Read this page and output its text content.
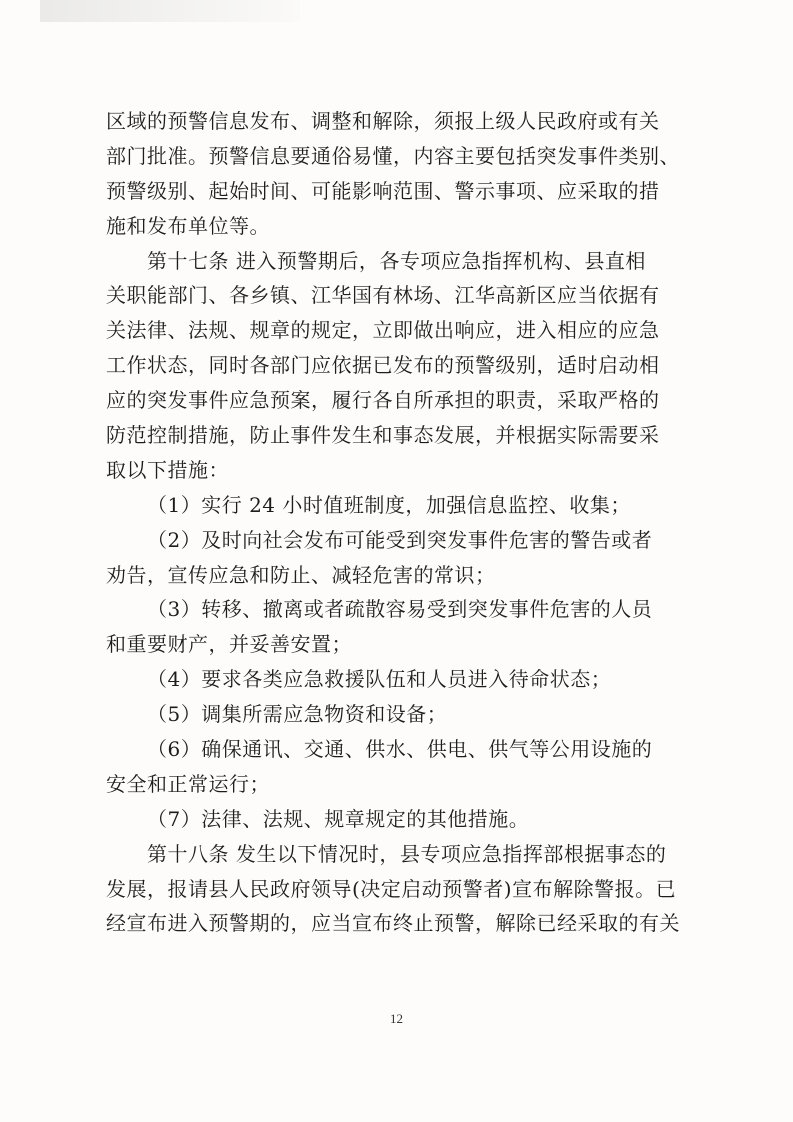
区域的预警信息发布、调整和解除，须报上级人民政府或有关
部门批准。预警信息要通俗易懂，内容主要包括突发事件类别、
预警级别、起始时间、可能影响范围、警示事项、应采取的措
施和发布单位等。
第十七条 进入预警期后，各专项应急指挥机构、县直相
关职能部门、各乡镇、江华国有林场、江华高新区应当依据有
关法律、法规、规章的规定，立即做出响应，进入相应的应急
工作状态，同时各部门应依据已发布的预警级别，适时启动相
应的突发事件应急预案，履行各自所承担的职责，采取严格的
防范控制措施，防止事件发生和事态发展，并根据实际需要采
取以下措施：
（1）实行 24 小时值班制度，加强信息监控、收集；
（2）及时向社会发布可能受到突发事件危害的警告或者
劝告，宣传应急和防止、减轻危害的常识；
（3）转移、撤离或者疏散容易受到突发事件危害的人员
和重要财产，并妥善安置；
（4）要求各类应急救援队伍和人员进入待命状态；
（5）调集所需应急物资和设备；
（6）确保通讯、交通、供水、供电、供气等公用设施的
安全和正常运行；
（7）法律、法规、规章规定的其他措施。
第十八条 发生以下情况时，县专项应急指挥部根据事态的
发展，报请县人民政府领导(决定启动预警者)宣布解除警报。已
经宣布进入预警期的，应当宣布终止预警，解除已经采取的有关
12
